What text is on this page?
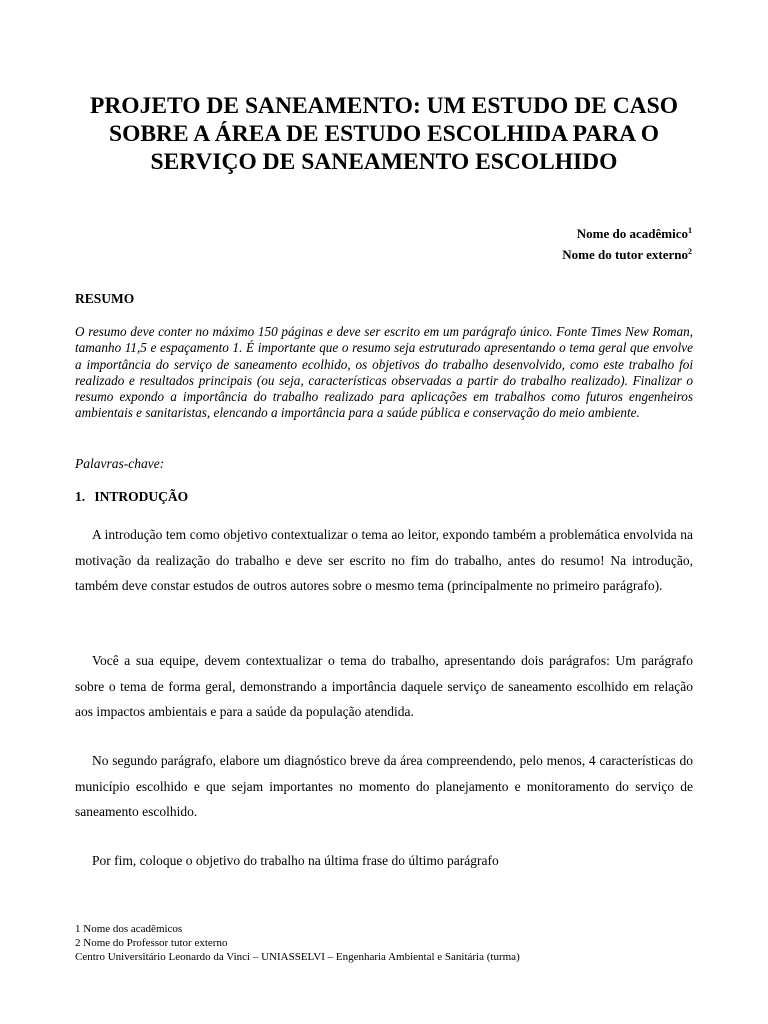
PROJETO DE SANEAMENTO: UM ESTUDO DE CASO SOBRE A ÁREA DE ESTUDO ESCOLHIDA PARA O SERVIÇO DE SANEAMENTO ESCOLHIDO
Nome do acadêmico$^1$
Nome do tutor externo$^2$
RESUMO
O resumo deve conter no máximo 150 páginas e deve ser escrito em um parágrafo único. Fonte Times New Roman, tamanho 11,5 e espaçamento 1. É importante que o resumo seja estruturado apresentando o tema geral que envolve a importância do serviço de saneamento ecolhido, os objetivos do trabalho desenvolvido, como este trabalho foi realizado e resultados principais (ou seja, características observadas a partir do trabalho realizado). Finalizar o resumo expondo a importância do trabalho realizado para aplicações em trabalhos como futuros engenheiros ambientais e sanitaristas, elencando a importância para a saúde pública e conservação do meio ambiente.
Palavras-chave:
1. INTRODUÇÃO

A introdução tem como objetivo contextualizar o tema ao leitor, expondo também a problemática envolvida na motivação da realização do trabalho e deve ser escrito no fim do trabalho, antes do resumo! Na introdução, também deve constar estudos de outros autores sobre o mesmo tema (principalmente no primeiro parágrafo).

Você a sua equipe, devem contextualizar o tema do trabalho, apresentando dois parágrafos: Um parágrafo sobre o tema de forma geral, demonstrando a importância daquele serviço de saneamento escolhido em relação aos impactos ambientais e para a saúde da população atendida.

No segundo parágrafo, elabore um diagnóstico breve da área compreendendo, pelo menos, 4 características do município escolhido e que sejam importantes no momento do planejamento e monitoramento do serviço de saneamento escolhido.

Por fim, coloque o objetivo do trabalho na última frase do último parágrafo

1 Nome dos acadêmicos
2 Nome do Professor tutor externo
Centro Universitário Leonardo da Vinci – UNIASSELVI – Engenharia Ambiental e Sanitária (turma)
